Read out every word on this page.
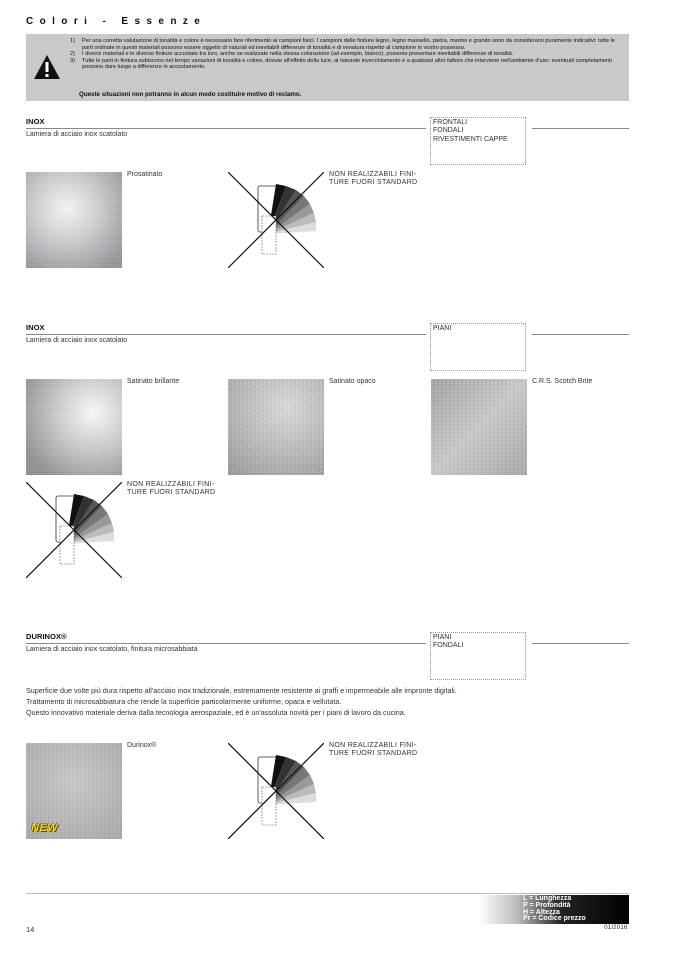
Colori - Essenze
1)	Per una corretta valutazione di tonalità e colore è necessario fare riferimento ai campioni fisici. I campioni delle finiture legno, legno massello, pietra, marmo e granito sono da considerarsi puramente indicativi: tutte le parti ordinate in questi materiali possono essere oggetto di naturali ed inevitabili differenze di tonalità e di venatura rispetto al campione in vostro possesso.
2)	I diversi materiali e le diverse finiture accostate tra loro, anche se realizzate nella stessa colorazione (ad esempio, bianco), possono presentare inevitabili differenze di tonalità.
3)	Tutte le parti in finitura subiscono nel tempo variazioni di tonalità e colore, dovute all'effetto della luce, al naturale invecchiamento e a qualsiasi altro fattore che interviene nell'ambiente d'uso: eventuali completamenti possono dare luogo a differenze in accostamento.
Queste situazioni non potranno in alcun modo costituire motivo di reclamo.
INOX
Lamiera di acciaio inox scatolato
FRONTALI
FONDALI
RIVESTIMENTI CAPPE
Prosatinato	NON REALIZZABILI FINI-
TURE FUORI STANDARD
INOX
Lamiera di acciaio inox scatolato
PIANI
Satinato brillante	Satinato opaco	C.R.S. Scotch Brite
NON REALIZZABILI FINI-
TURE FUORI STANDARD
DURINOX®
Lamiera di acciaio inox scatolato, finitura microsabbiata
PIANI
FONDALI
Superficie due volte più dura rispetto all'acciaio inox tradizionale, estremamente resistente ai graffi e impermeabile alle impronte digitali.
Trattamento di microsabbiatura che rende la superficie particolarmente uniforme, opaca e vellutata.
Questo innovativo materiale deriva dalla tecnologia aerospaziale, ed è un'assoluta novità per i piani di lavoro da cucina.
NEW
Durinox®	NON REALIZZABILI FINI-
TURE FUORI STANDARD
L = Lunghezza
P = Profondità
H = Altezza
Pr = Codice prezzo
14	01/2016
